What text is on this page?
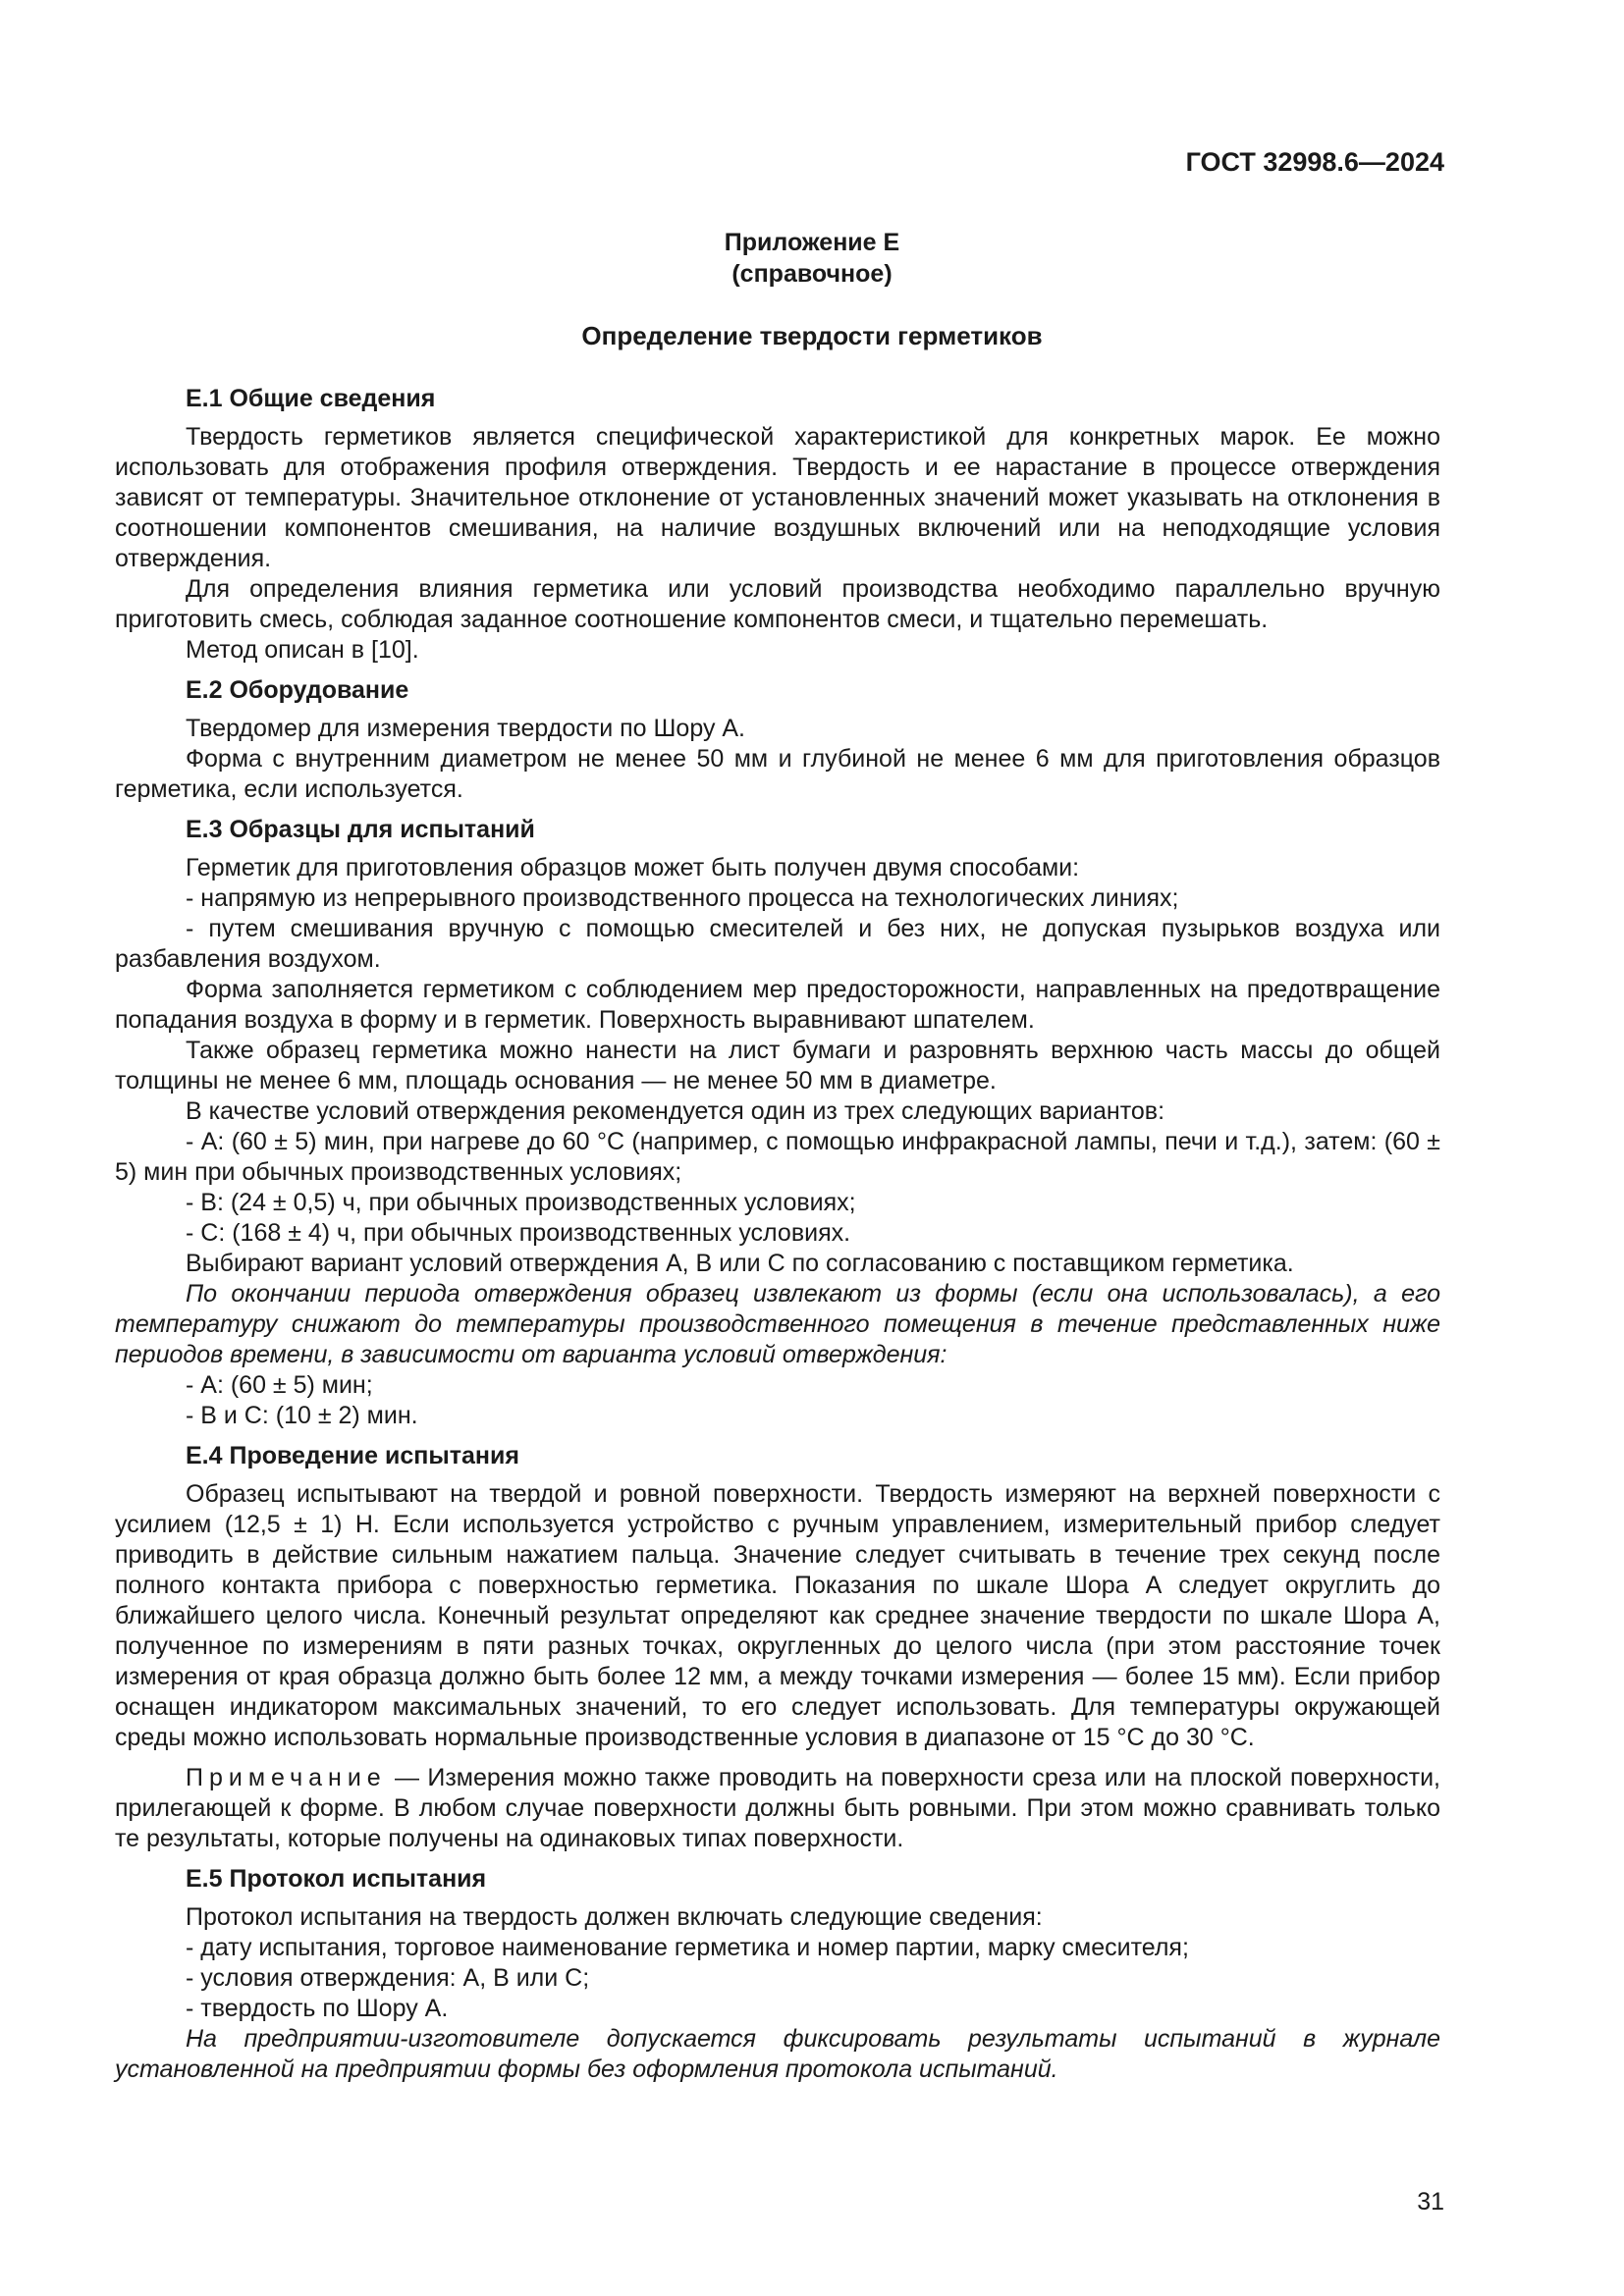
ГОСТ 32998.6—2024
Приложение Е
(справочное)
Определение твердости герметиков
Е.1 Общие сведения

Твердость герметиков является специфической характеристикой для конкретных марок. Ее можно использовать для отображения профиля отверждения. Твердость и ее нарастание в процессе отверждения зависят от температуры. Значительное отклонение от установленных значений может указывать на отклонения в соотношении компонентов смешивания, на наличие воздушных включений или на неподходящие условия отверждения.

Для определения влияния герметика или условий производства необходимо параллельно вручную приготовить смесь, соблюдая заданное соотношение компонентов смеси, и тщательно перемешать.

Метод описан в [10].

Е.2 Оборудование

Твердомер для измерения твердости по Шору А.

Форма с внутренним диаметром не менее 50 мм и глубиной не менее 6 мм для приготовления образцов герметика, если используется.

Е.3 Образцы для испытаний

Герметик для приготовления образцов может быть получен двумя способами:

- напрямую из непрерывного производственного процесса на технологических линиях;

- путем смешивания вручную с помощью смесителей и без них, не допуская пузырьков воздуха или разбавления воздухом.

Форма заполняется герметиком с соблюдением мер предосторожности, направленных на предотвращение попадания воздуха в форму и в герметик. Поверхность выравнивают шпателем.

Также образец герметика можно нанести на лист бумаги и разровнять верхнюю часть массы до общей толщины не менее 6 мм, площадь основания — не менее 50 мм в диаметре.

В качестве условий отверждения рекомендуется один из трех следующих вариантов:

- А: (60 ± 5) мин, при нагреве до 60 °С (например, с помощью инфракрасной лампы, печи и т.д.), затем: (60 ± 5) мин при обычных производственных условиях;

- В: (24 ± 0,5) ч, при обычных производственных условиях;

- С: (168 ± 4) ч, при обычных производственных условиях.

Выбирают вариант условий отверждения А, В или С по согласованию с поставщиком герметика.

По окончании периода отверждения образец извлекают из формы (если она использовалась), а его температуру снижают до температуры производственного помещения в течение представленных ниже периодов времени, в зависимости от варианта условий отверждения:

- А: (60 ± 5) мин;

- В и С: (10 ± 2) мин.

Е.4 Проведение испытания

Образец испытывают на твердой и ровной поверхности. Твердость измеряют на верхней поверхности с усилием (12,5 ± 1) Н. Если используется устройство с ручным управлением, измерительный прибор следует приводить в действие сильным нажатием пальца. Значение следует считывать в течение трех секунд после полного контакта прибора с поверхностью герметика. Показания по шкале Шора А следует округлить до ближайшего целого числа. Конечный результат определяют как среднее значение твердости по шкале Шора А, полученное по измерениям в пяти разных точках, округленных до целого числа (при этом расстояние точек измерения от края образца должно быть более 12 мм, а между точками измерения — более 15 мм). Если прибор оснащен индикатором максимальных значений, то его следует использовать. Для температуры окружающей среды можно использовать нормальные производственные условия в диапазоне от 15 °С до 30 °С.

Примечание — Измерения можно также проводить на поверхности среза или на плоской поверхности, прилегающей к форме. В любом случае поверхности должны быть ровными. При этом можно сравнивать только те результаты, которые получены на одинаковых типах поверхности.

Е.5 Протокол испытания

Протокол испытания на твердость должен включать следующие сведения:

- дату испытания, торговое наименование герметика и номер партии, марку смесителя;

- условия отверждения: А, В или С;

- твердость по Шору А.

На предприятии-изготовителе допускается фиксировать результаты испытаний в журнале установленной на предприятии формы без оформления протокола испытаний.

31
